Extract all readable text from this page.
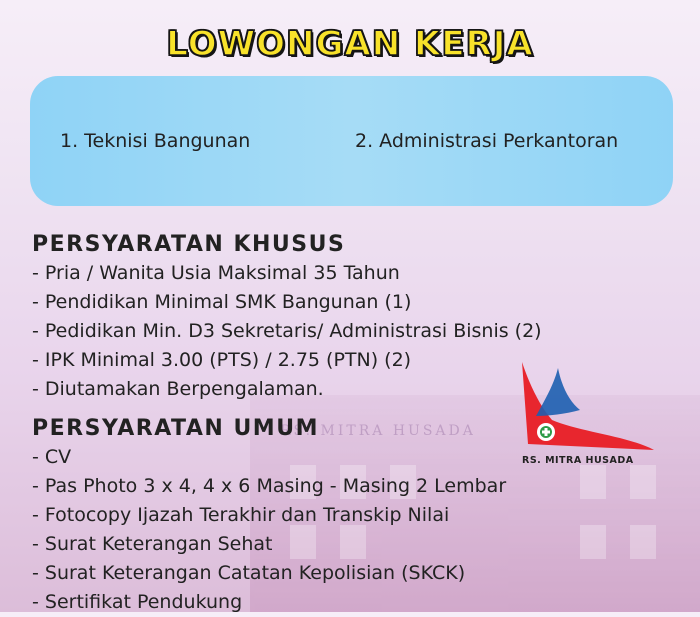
RS. MITRA HUSADA
LOWONGAN KERJA
1. Teknisi Bangunan	2. Administrasi Perkantoran
PERSYARATAN KHUSUS
- Pria / Wanita Usia Maksimal 35 Tahun
- Pendidikan Minimal SMK Bangunan (1)
- Pedidikan Min. D3 Sekretaris/ Administrasi Bisnis (2)
- IPK Minimal 3.00 (PTS) / 2.75 (PTN) (2)
- Diutamakan Berpengalaman.
PERSYARATAN UMUM
- CV
- Pas Photo 3 x 4, 4 x 6 Masing - Masing 2 Lembar
- Fotocopy Ijazah Terakhir dan Transkip Nilai
- Surat Keterangan Sehat
- Surat Keterangan Catatan Kepolisian (SKCK)
- Sertifikat Pendukung
RS. MITRA HUSADA
